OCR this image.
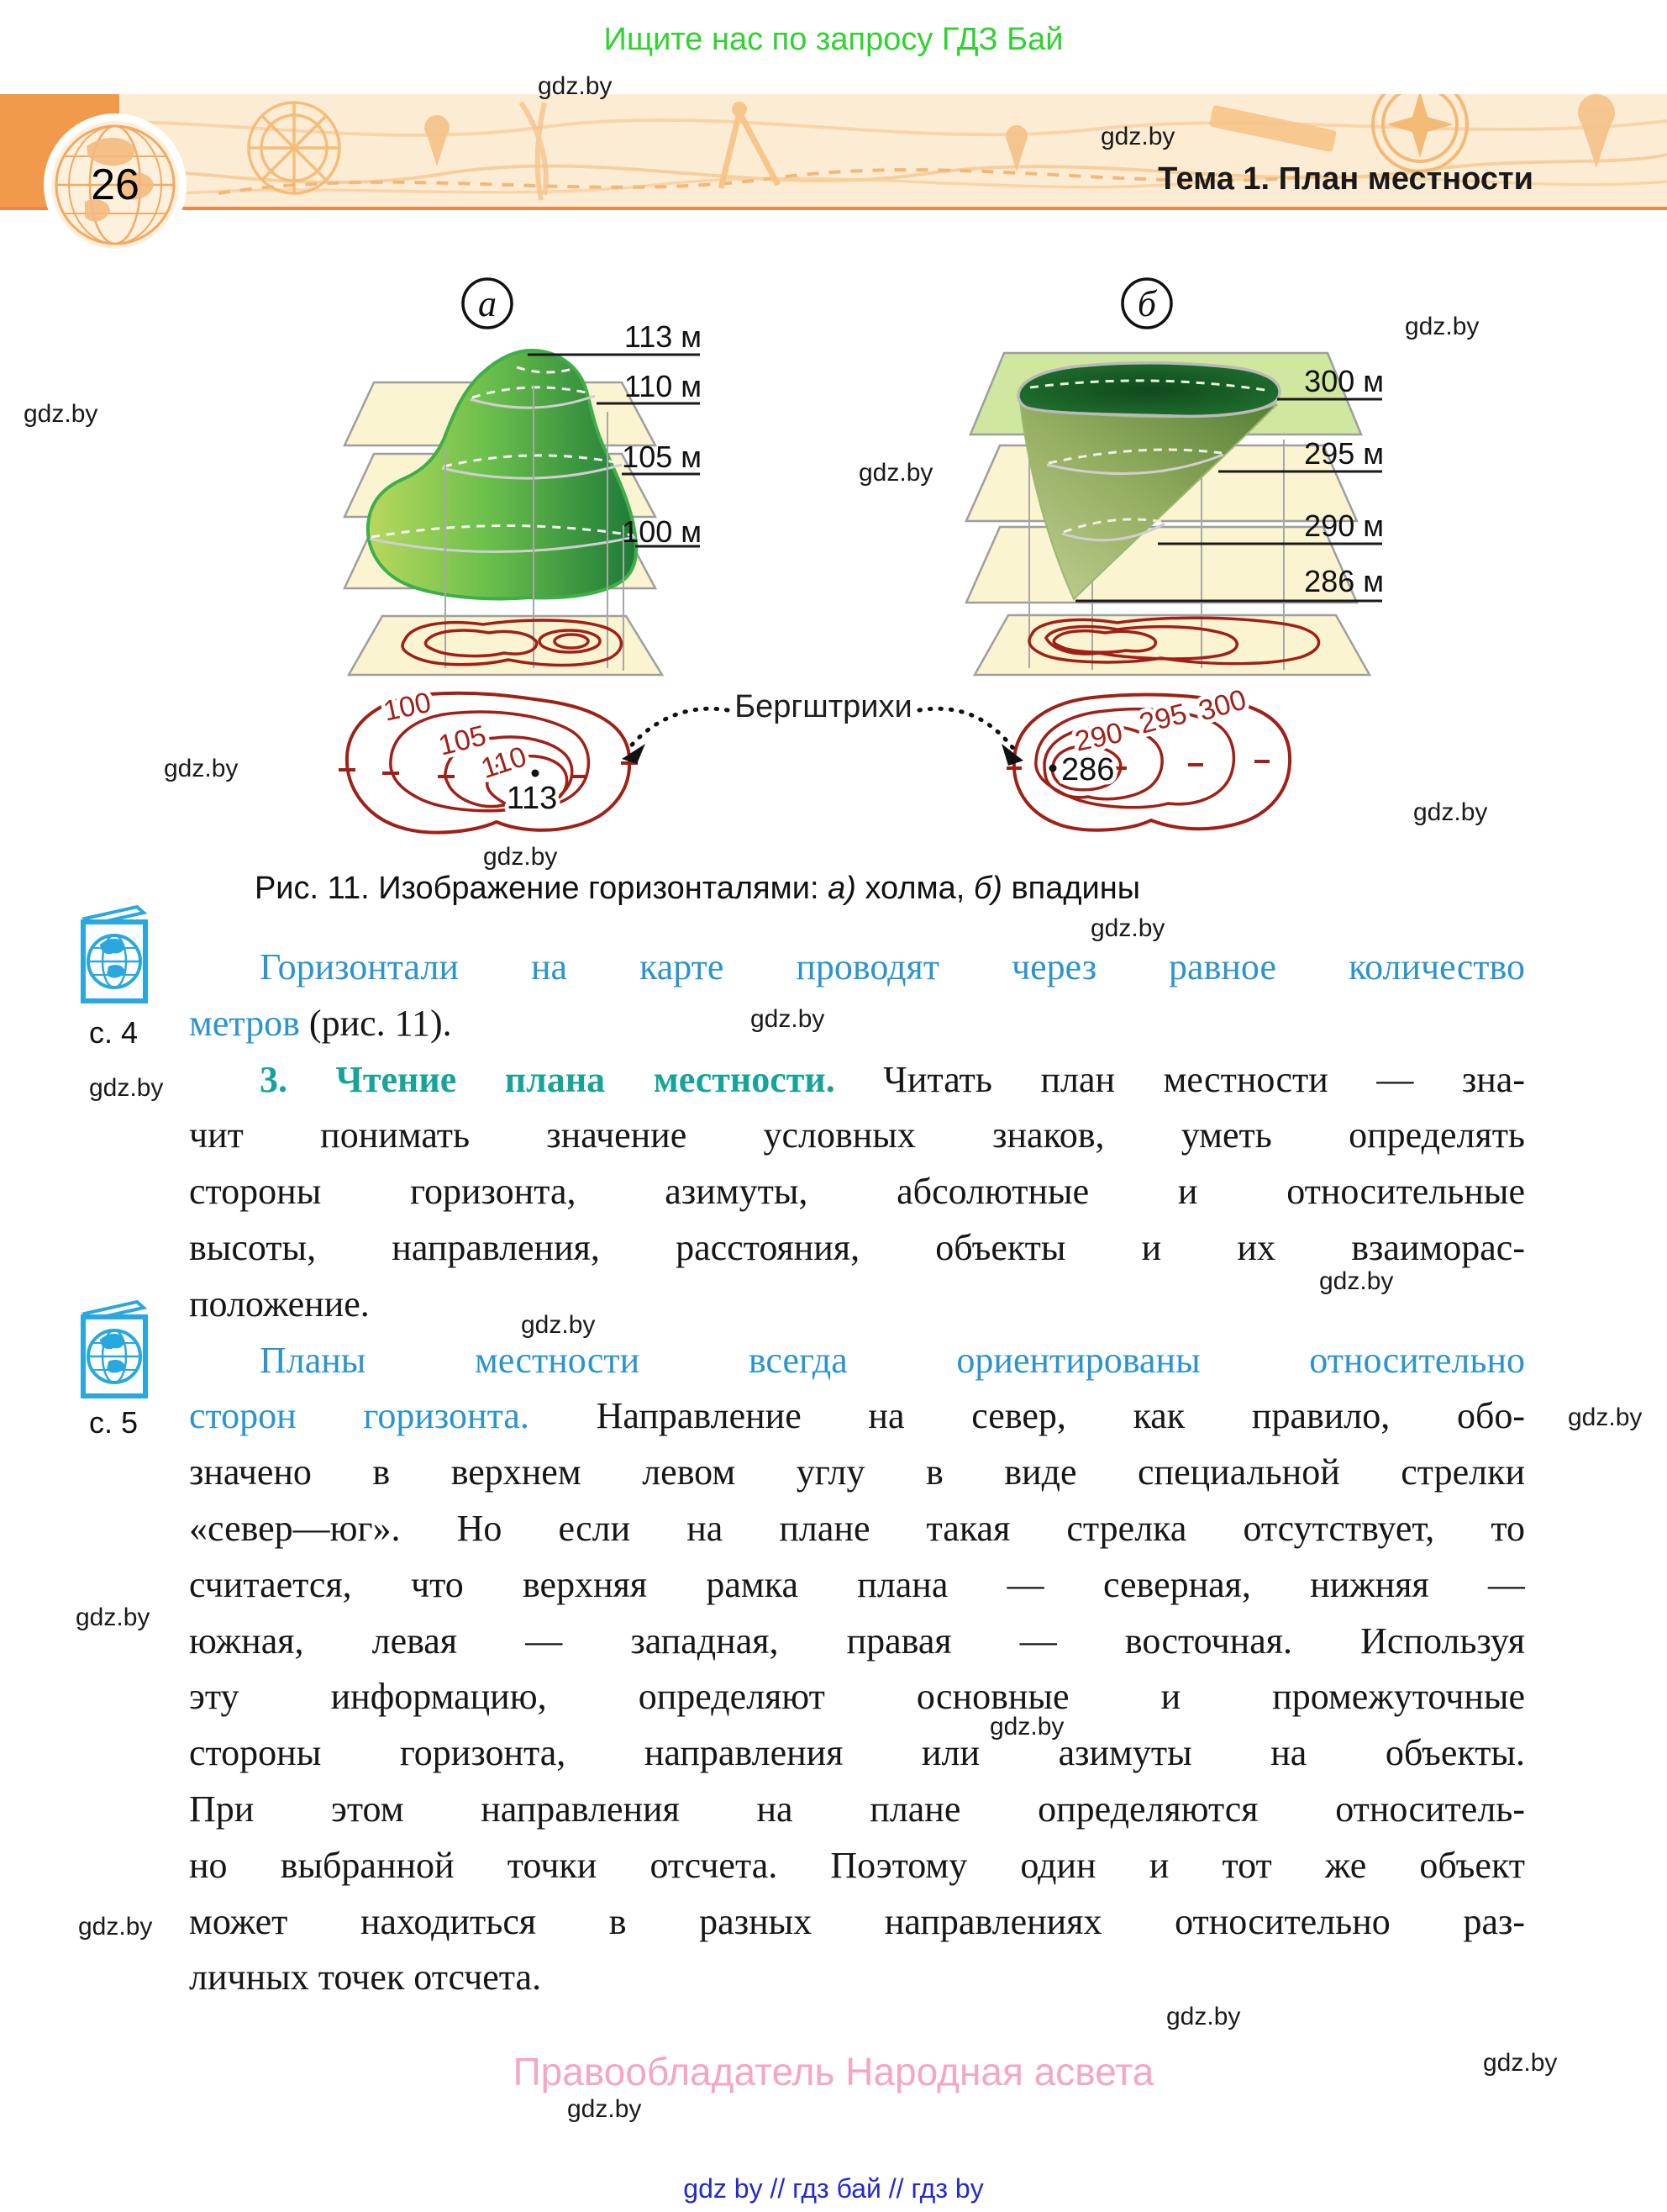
Ищите нас по запросу ГДЗ Бай
26	Тема 1. План местности
113 м
110 м
105 м
100 м
а
300 м
295 м
290 м
286 м
б
100
105
110
113
290 295 300
286
Бергштрихи
Рис. 11. Изображение горизонталями: а) холма, б) впадины
с. 4
с. 5
Горизонтали на карте проводят через равное количество
метров (рис. 11).
3. Чтение плана местности. Читать план местности — зна-
чит понимать значение условных знаков, уметь определять
стороны горизонта, азимуты, абсолютные и относительные
высоты, направления, расстояния, объекты и их взаиморас-
положение.
Планы местности всегда ориентированы относительно
сторон горизонта. Направление на север, как правило, обо-
значено в верхнем левом углу в виде специальной стрелки
«север—юг». Но если на плане такая стрелка отсутствует, то
считается, что верхняя рамка плана — северная, нижняя —
южная, левая — западная, правая — восточная. Используя
эту информацию, определяют основные и промежуточные
стороны горизонта, направления или азимуты на объекты.
При этом направления на плане определяются относитель-
но выбранной точки отсчета. Поэтому один и тот же объект
может находиться в разных направлениях относительно раз-
личных точек отсчета.
gdz.by
gdz.by
gdz.by
gdz.by
gdz.by
gdz.by
gdz.by
gdz.by
gdz.by
gdz.by
gdz.by
gdz.by
gdz.by
gdz.by
gdz.by
gdz.by
gdz.by
gdz.by
gdz.by
gdz.by
Правообладатель Народная асвета
gdz by // гдз бай // гдз by
